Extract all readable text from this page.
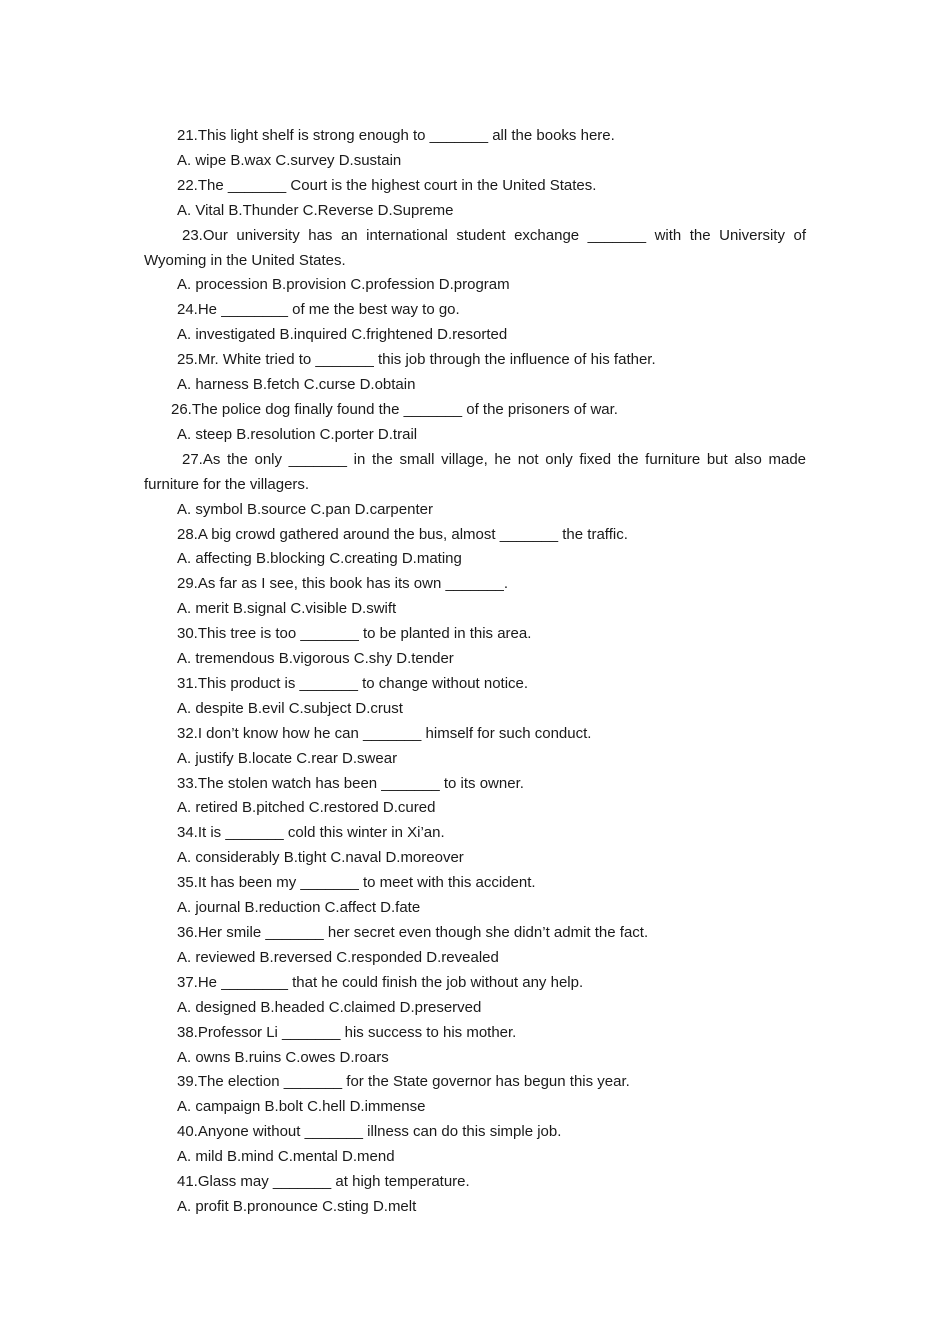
21.This light shelf is strong enough to _______ all the books here.

A. wipe B.wax C.survey D.sustain

22.The _______ Court is the highest court in the United States.

A. Vital B.Thunder C.Reverse D.Supreme

23.Our university has an international student exchange _______ with the University of Wyoming in the United States.

A. procession B.provision C.profession D.program

24.He ________ of me the best way to go.

A. investigated B.inquired C.frightened D.resorted

25.Mr. White tried to _______ this job through the influence of his father.

A. harness B.fetch C.curse D.obtain

26.The police dog finally found the _______ of the prisoners of war.

A. steep B.resolution C.porter D.trail

27.As the only _______ in the small village, he not only fixed the furniture but also made furniture for the villagers.

A. symbol B.source C.pan D.carpenter

28.A big crowd gathered around the bus, almost _______ the traffic.

A. affecting B.blocking C.creating D.mating

29.As far as I see, this book has its own _______.

A. merit B.signal C.visible D.swift

30.This tree is too _______ to be planted in this area.

A. tremendous B.vigorous C.shy D.tender

31.This product is _______ to change without notice.

A. despite B.evil C.subject D.crust

32.I don’t know how he can _______ himself for such conduct.

A. justify B.locate C.rear D.swear

33.The stolen watch has been _______ to its owner.

A. retired B.pitched C.restored D.cured

34.It is _______ cold this winter in Xi’an.

A. considerably B.tight C.naval D.moreover

35.It has been my _______ to meet with this accident.

A. journal B.reduction C.affect D.fate

36.Her smile _______ her secret even though she didn’t admit the fact.

A. reviewed B.reversed C.responded D.revealed

37.He ________ that he could finish the job without any help.

A. designed B.headed C.claimed D.preserved

38.Professor Li _______ his success to his mother.

A. owns B.ruins C.owes D.roars

39.The election _______ for the State governor has begun this year.

A. campaign B.bolt C.hell D.immense

40.Anyone without _______ illness can do this simple job.

A. mild B.mind C.mental D.mend

41.Glass may _______ at high temperature.

A. profit B.pronounce C.sting D.melt
